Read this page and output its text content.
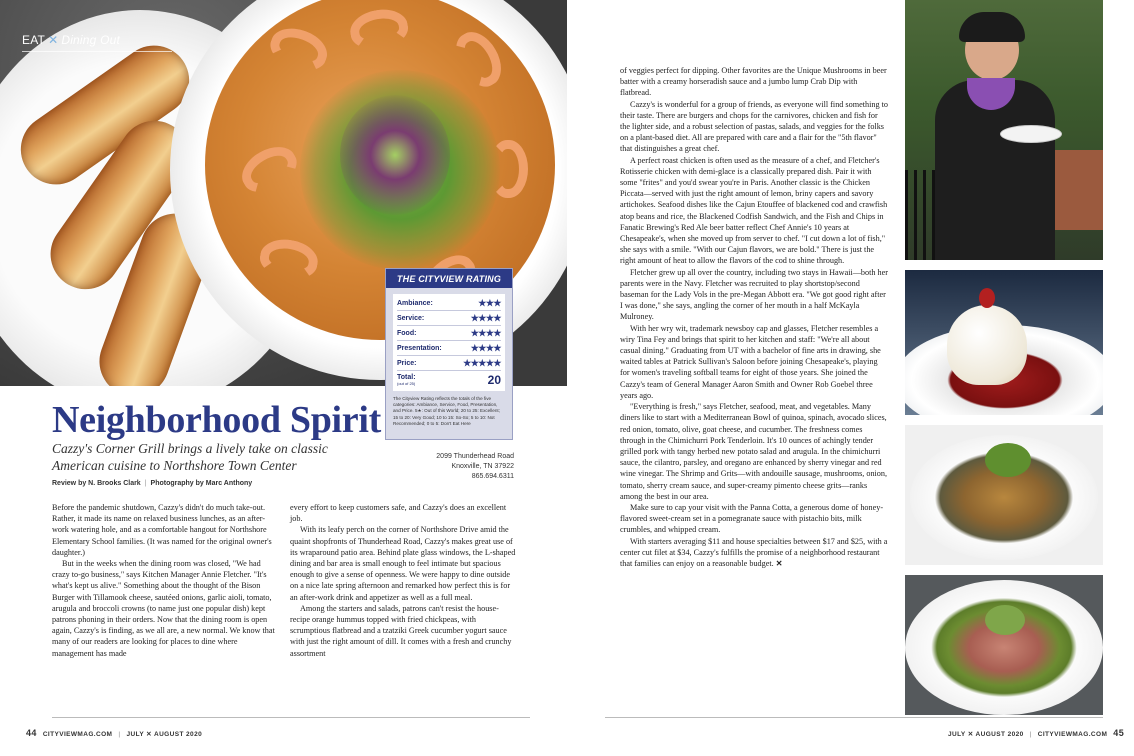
EAT ✕ Dining Out
THE CITYVIEW RATING
Ambiance:	★★★
Service:	★★★★
Food:	★★★★
Presentation:	★★★★
Price:	★★★★★
Total:
(out of 25)	20
The Cityview Rating reflects the totals of the five categories: Ambiance, Service, Food, Presentation, and Price. 5★: Out of this World; 20 to 25: Excellent; 15 to 20: Very Good; 10 to 15: So-So; 5 to 10: Not Recommended; 0 to 5: Don't Eat Here
Neighborhood Spirit
Cazzy's Corner Grill brings a lively take on classic American cuisine to Northshore Town Center
2099 Thunderhead Road
Knoxville, TN 37922
865.694.6311
Review by N. Brooks Clark | Photography by Marc Anthony

Before the pandemic shutdown, Cazzy's didn't do much take-out. Rather, it made its name on relaxed business lunches, as an after-work watering hole, and as a comfortable hangout for Northshore Elementary School families. (It was named for the original owner's daughter.)

But in the weeks when the dining room was closed, "We had crazy to-go business," says Kitchen Manager Annie Fletcher. "It's what's kept us alive." Something about the thought of the Bison Burger with Tillamook cheese, sautéed onions, garlic aioli, tomato, arugula and broccoli crowns (to name just one popular dish) kept patrons phoning in their orders. Now that the dining room is open again, Cazzy's is finding, as we all are, a new normal. We know that many of our readers are looking for places to dine where management has made

every effort to keep customers safe, and Cazzy's does an excellent job.

With its leafy perch on the corner of Northshore Drive amid the quaint shopfronts of Thunderhead Road, Cazzy's makes great use of its wraparound patio area. Behind plate glass windows, the L-shaped dining and bar area is small enough to feel intimate but spacious enough to give a sense of openness. We were happy to dine outside on a nice late spring afternoon and remarked how perfect this is for an after-work drink and appetizer as well as a full meal.

Among the starters and salads, patrons can't resist the house-recipe orange hummus topped with fried chickpeas, with scrumptious flatbread and a tzatziki Greek cucumber yogurt sauce with just the right amount of dill. It comes with a fresh and crunchy assortment

44 CITYVIEWMAG.COM | JULY ✕ AUGUST 2020

of veggies perfect for dipping. Other favorites are the Unique Mushrooms in beer batter with a creamy horseradish sauce and a jumbo lump Crab Dip with flatbread.

Cazzy's is wonderful for a group of friends, as everyone will find something to their taste. There are burgers and chops for the carnivores, chicken and fish for the lighter side, and a robust selection of pastas, salads, and veggies for the folks on a plant-based diet. All are prepared with care and a flair for the "5th flavor" that distinguishes a great chef.

A perfect roast chicken is often used as the measure of a chef, and Fletcher's Rotisserie chicken with demi-glace is a classically prepared dish. Pair it with some "frites" and you'd swear you're in Paris. Another classic is the Chicken Piccata—served with just the right amount of lemon, briny capers and savory artichokes. Seafood dishes like the Cajun Etouffee of blackened cod and crawfish atop beans and rice, the Blackened Codfish Sandwich, and the Fish and Chips in Fanatic Brewing's Red Ale beer batter reflect Chef Annie's 10 years at Chesapeake's, when she moved up from server to chef. "I cut down a lot of fish," she says with a smile. "With our Cajun flavors, we are bold." There is just the right amount of heat to allow the flavors of the cod to shine through.

Fletcher grew up all over the country, including two stays in Hawaii—both her parents were in the Navy. Fletcher was recruited to play shortstop/second baseman for the Lady Vols in the pre-Megan Abbott era. "We got good right after I was done," she says, angling the corner of her mouth in a half McKayla Mulroney.

With her wry wit, trademark newsboy cap and glasses, Fletcher resembles a wiry Tina Fey and brings that spirit to her kitchen and staff: "We're all about casual dining." Graduating from UT with a bachelor of fine arts in drawing, she waited tables at Patrick Sullivan's Saloon before joining Chesapeake's, playing for women's traveling softball teams for eight of those years. She joined the Cazzy's team of General Manager Aaron Smith and Owner Rob Goebel three years ago.

"Everything is fresh," says Fletcher, seafood, meat, and vegetables. Many diners like to start with a Mediterranean Bowl of quinoa, spinach, avocado slices, red onion, tomato, olive, goat cheese, and cucumber. The freshness comes through in the Chimichurri Pork Tenderloin. It's 10 ounces of achingly tender grilled pork with tangy herbed new potato salad and arugula. In the chimichurri sauce, the cilantro, parsley, and oregano are enhanced by sherry vinegar and red wine vinegar. The Shrimp and Grits—with andouille sausage, mushrooms, onion, tomato, sherry cream sauce, and super-creamy pimento cheese grits—ranks among the best in our area.

Make sure to cap your visit with the Panna Cotta, a generous dome of honey-flavored sweet-cream set in a pomegranate sauce with pistachio bits, milk crumbles, and whipped cream.

With starters averaging $11 and house specialties between $17 and $25, with a center cut filet at $34, Cazzy's fulfills the promise of a neighborhood restaurant that families can enjoy on a reasonable budget. ✕

JULY ✕ AUGUST 2020 | CITYVIEWMAG.COM 45
